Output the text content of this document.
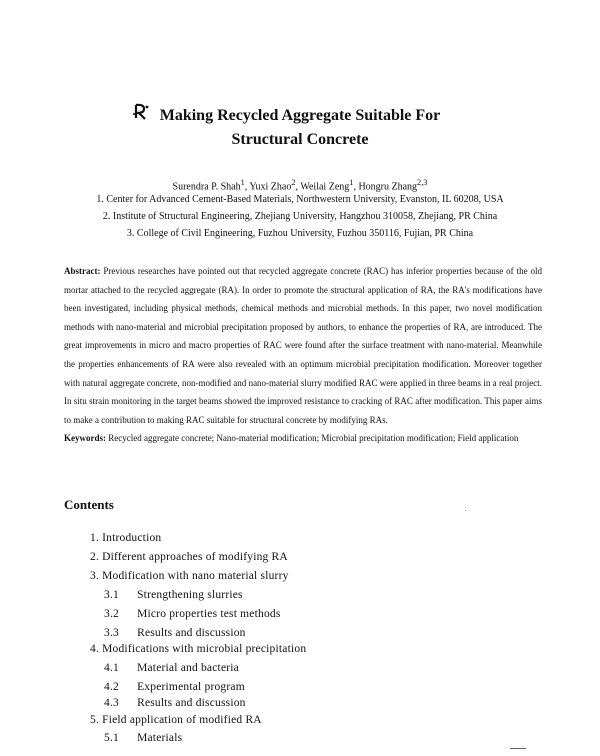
Making Recycled Aggregate Suitable For
Structural Concrete
Surendra P. Shah$^1$, Yuxi Zhao$^2$, Weilai Zeng$^1$, Hongru Zhang$^{2,3}$
1. Center for Advanced Cement-Based Materials, Northwestern University, Evanston, IL 60208, USA
2. Institute of Structural Engineering, Zhejiang University, Hangzhou 310058, Zhejiang, PR China
3. College of Civil Engineering, Fuzhou University, Fuzhou 350116, Fujian, PR China
Abstract: Previous researches have pointed out that recycled aggregate concrete (RAC) has inferior properties because of the old mortar attached to the recycled aggregate (RA). In order to promote the structural application of RA, the RA's modifications have been investigated, including physical methods, chemical methods and microbial methods. In this paper, two novel modification methods with nano-material and microbial precipitation proposed by authors, to enhance the properties of RA, are introduced. The great improvements in micro and macro properties of RAC were found after the surface treatment with nano-material. Meanwhile the properties enhancements of RA were also revealed with an optimum microbial precipitation modification. Moreover together with natural aggregate concrete, non-modified and nano-material slurry modified RAC were applied in three beams in a real project. In situ strain monitoring in the target beams showed the improved resistance to cracking of RAC after modification. This paper aims to make a contribution to making RAC suitable for structural concrete by modifying RAs.
Keywords: Recycled aggregate concrete; Nano-material modification; Microbial precipitation modification; Field application
Contents
1. Introduction
2. Different approaches of modifying RA
3. Modification with nano material slurry
3.1 Strengthening slurries
3.2 Micro properties test methods
3.3 Results and discussion
4. Modifications with microbial precipitation
4.1 Material and bacteria
4.2 Experimental program
4.3 Results and discussion
5. Field application of modified RA
5.1 Materials
